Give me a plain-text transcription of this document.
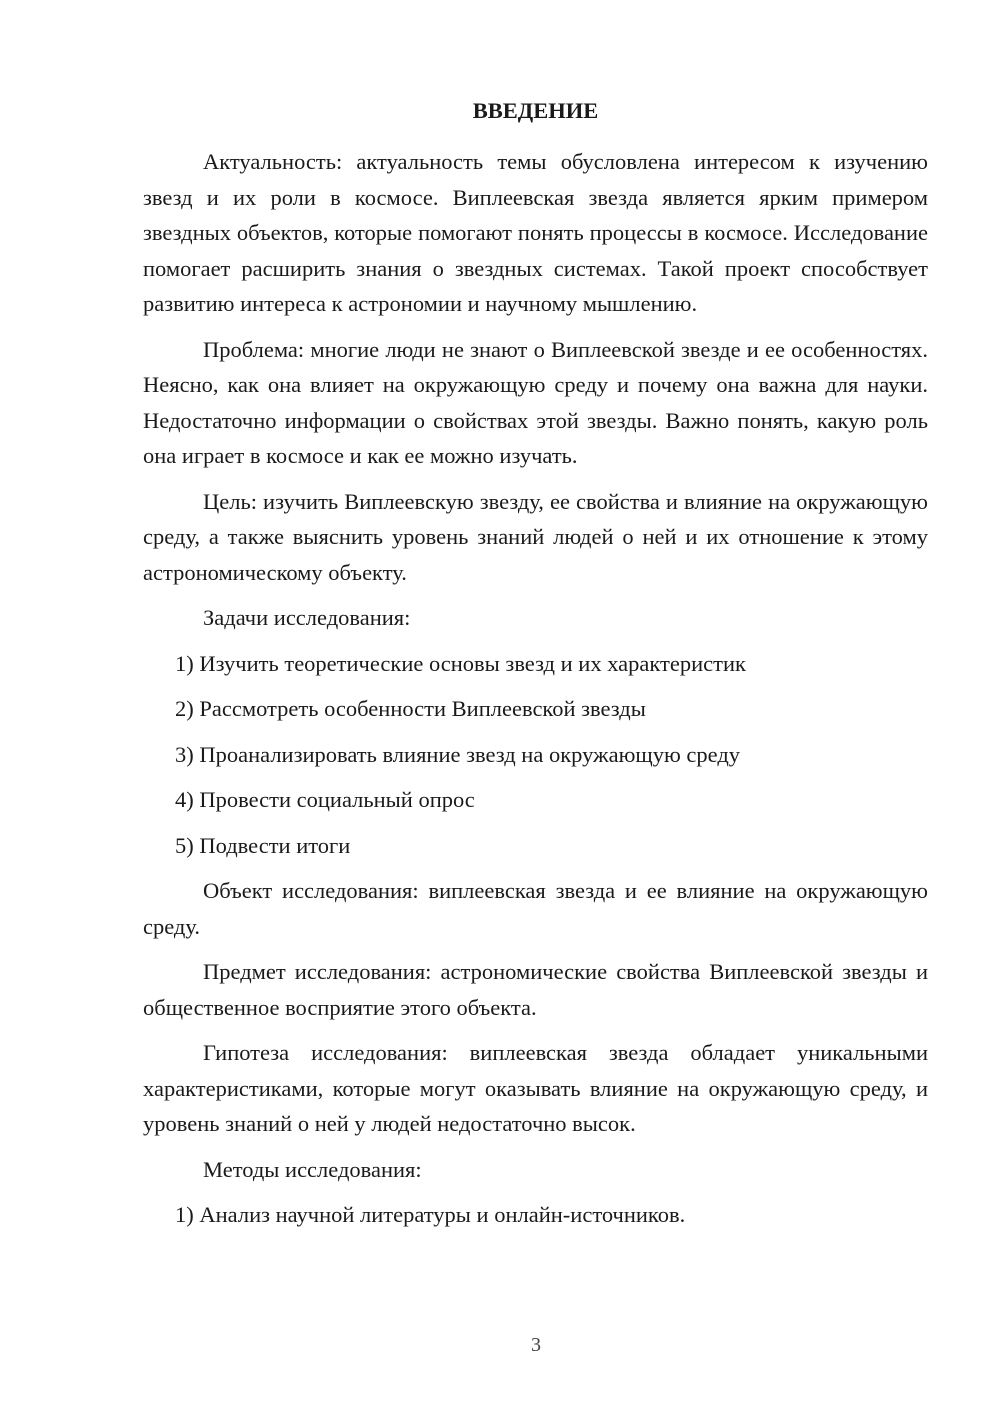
ВВЕДЕНИЕ

Актуальность: актуальность темы обусловлена интересом к изучению звезд и их роли в космосе. Виплеевская звезда является ярким примером звездных объектов, которые помогают понять процессы в космосе. Исследование помогает расширить знания о звездных системах. Такой проект способствует развитию интереса к астрономии и научному мышлению.

Проблема: многие люди не знают о Виплеевской звезде и ее особенностях. Неясно, как она влияет на окружающую среду и почему она важна для науки. Недостаточно информации о свойствах этой звезды. Важно понять, какую роль она играет в космосе и как ее можно изучать.

Цель: изучить Виплеевскую звезду, ее свойства и влияние на окружающую среду, а также выяснить уровень знаний людей о ней и их отношение к этому астрономическому объекту.

Задачи исследования:

1) Изучить теоретические основы звезд и их характеристик

2) Рассмотреть особенности Виплеевской звезды

3) Проанализировать влияние звезд на окружающую среду

4) Провести социальный опрос

5) Подвести итоги

Объект исследования: виплеевская звезда и ее влияние на окружающую среду.

Предмет исследования: астрономические свойства Виплеевской звезды и общественное восприятие этого объекта.

Гипотеза исследования: виплеевская звезда обладает уникальными характеристиками, которые могут оказывать влияние на окружающую среду, и уровень знаний о ней у людей недостаточно высок.

Методы исследования:

1) Анализ научной литературы и онлайн-источников.

3
